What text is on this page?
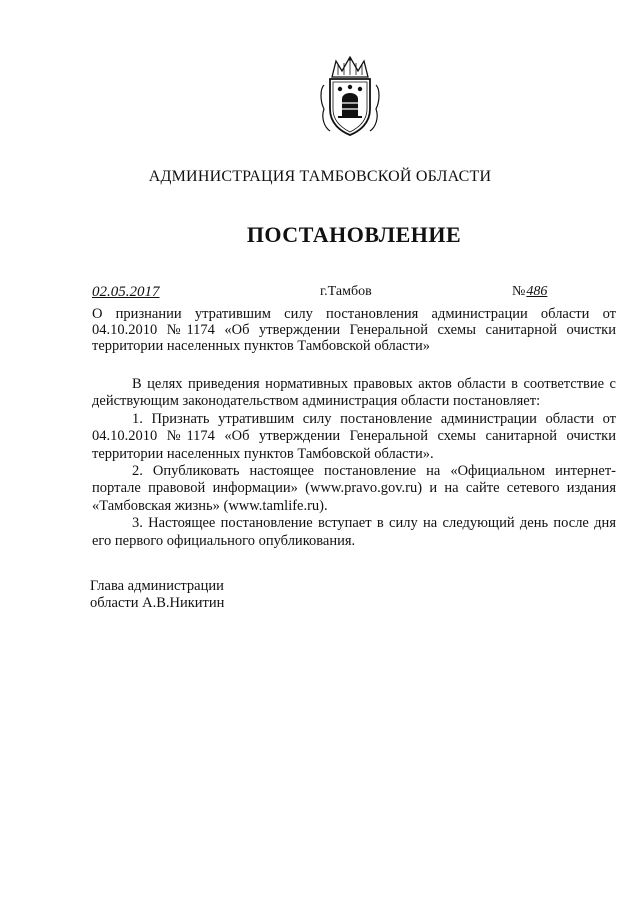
АДМИНИСТРАЦИЯ ТАМБОВСКОЙ ОБЛАСТИ
ПОСТАНОВЛЕНИЕ
02.05.2017	г.Тамбов	№486
О признании утратившим силу постановления администрации области от 04.10.2010 №1174 «Об утверждении Генеральной схемы санитарной очистки территории населенных пунктов Тамбовской области»

В целях приведения нормативных правовых актов области в соответствие с действующим законодательством администрация области постановляет:

1. Признать утратившим силу постановление администрации области от 04.10.2010 №1174 «Об утверждении Генеральной схемы санитарной очистки территории населенных пунктов Тамбовской области».

2. Опубликовать настоящее постановление на «Официальном интернет-портале правовой информации» (www.pravo.gov.ru) и на сайте сетевого издания «Тамбовская жизнь» (www.tamlife.ru).

3. Настоящее постановление вступает в силу на следующий день после дня его первого официального опубликования.

Глава администрации
области А.В.Никитин
